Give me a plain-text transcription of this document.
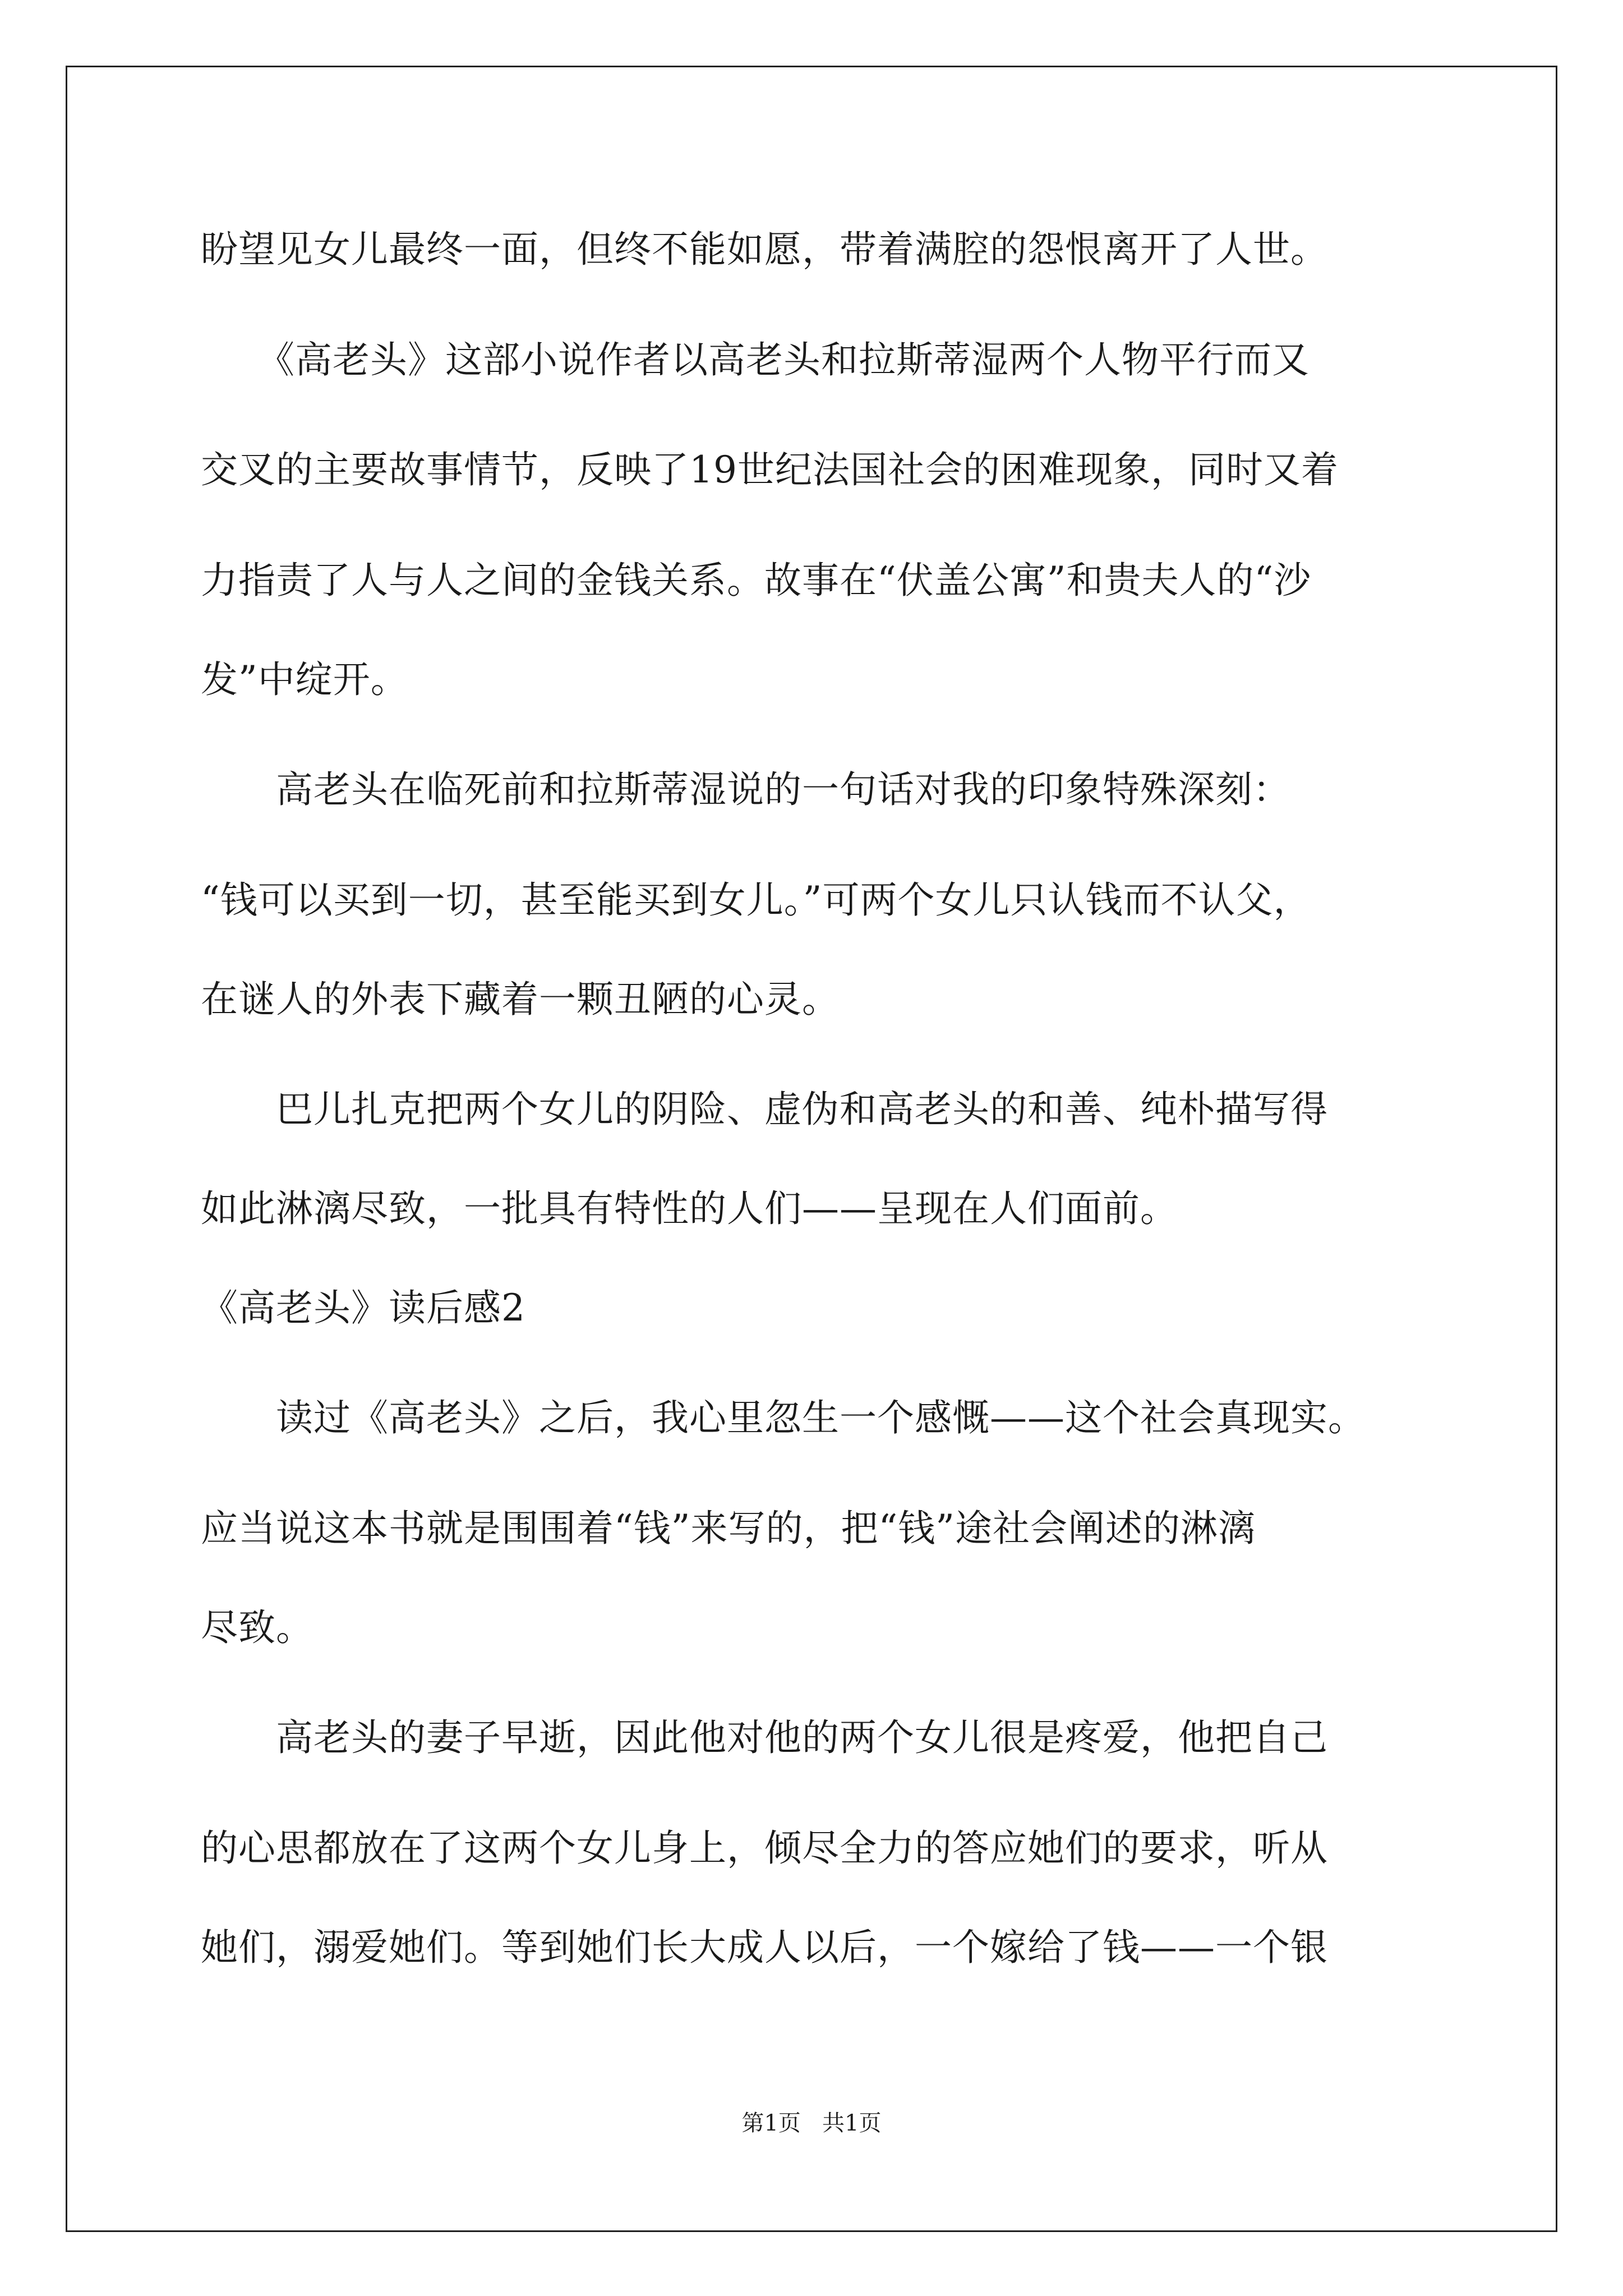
盼望见女儿最终一面，但终不能如愿，带着满腔的怨恨离开了人世。
　　《高老头》这部小说作者以高老头和拉斯蒂湿两个人物平行而又
交叉的主要故事情节，反映了19世纪法国社会的困难现象，同时又着
力指责了人与人之间的金钱关系。故事在“伏盖公寓”和贵夫人的“沙
发”中绽开。
　　高老头在临死前和拉斯蒂湿说的一句话对我的印象特殊深刻：
“钱可以买到一切，甚至能买到女儿。”可两个女儿只认钱而不认父，
在谜人的外表下藏着一颗丑陋的心灵。
　　巴儿扎克把两个女儿的阴险、虚伪和高老头的和善、纯朴描写得
如此淋漓尽致，一批具有特性的人们——呈现在人们面前。
《高老头》读后感2
　　读过《高老头》之后，我心里忽生一个感慨——这个社会真现实。
应当说这本书就是围围着“钱”来写的，把“钱”途社会阐述的淋漓
尽致。
　　高老头的妻子早逝，因此他对他的两个女儿很是疼爱，他把自己
的心思都放在了这两个女儿身上，倾尽全力的答应她们的要求，听从
她们，溺爱她们。等到她们长大成人以后，一个嫁给了钱——一个银
第1页   共1页
